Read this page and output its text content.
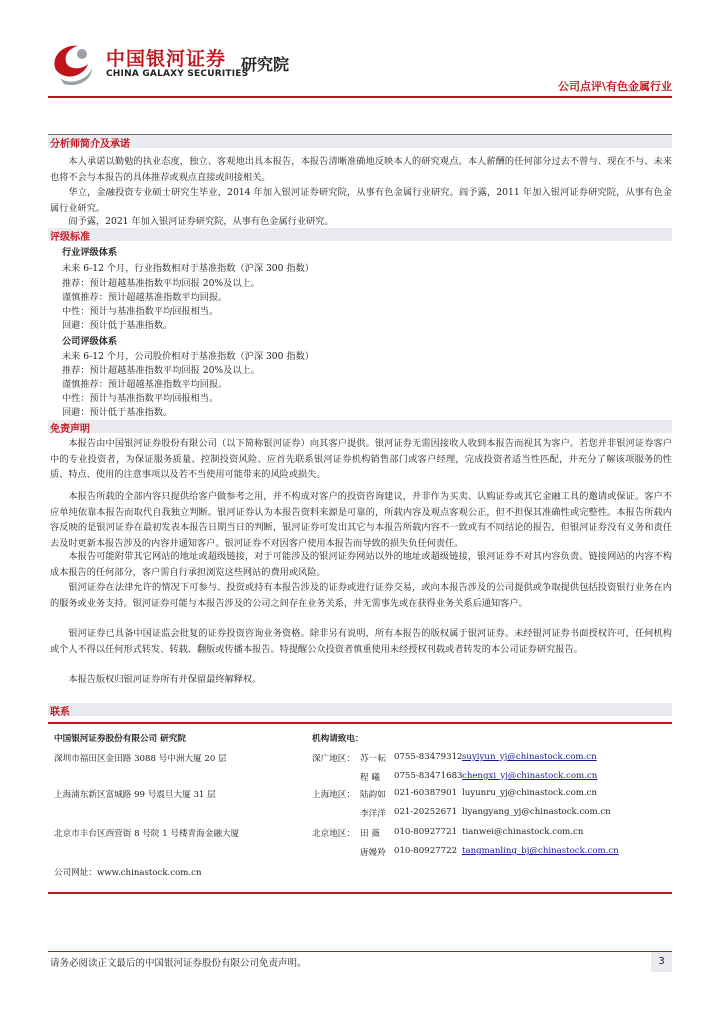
中国银河证券
CHINA GALAXY SECURITIES
研究院
公司点评\有色金属行业
分析师简介及承诺
本人承诺以勤勉的执业态度，独立、客观地出具本报告，本报告清晰准确地反映本人的研究观点。本人薪酬的任何部分过去不曾与、现在不与、未来也将不会与本报告的具体推荐或观点直接或间接相关。
华立，金融投资专业硕士研究生毕业，2014 年加入银河证券研究院，从事有色金属行业研究。阎予露，2011 年加入银河证券研究院，从事有色金属行业研究。
阎予露，2021 年加入银河证券研究院，从事有色金属行业研究。
评级标准
行业评级体系
未来 6-12 个月，行业指数相对于基准指数（沪深 300 指数）
推荐：预计超越基准指数平均回报 20%及以上。
谨慎推荐：预计超越基准指数平均回报。
中性：预计与基准指数平均回报相当。
回避：预计低于基准指数。
公司评级体系
未来 6-12 个月，公司股价相对于基准指数（沪深 300 指数）
推荐：预计超越基准指数平均回报 20%及以上。
谨慎推荐：预计超越基准指数平均回报。
中性：预计与基准指数平均回报相当。
回避：预计低于基准指数。
免责声明
本报告由中国银河证券股份有限公司（以下简称银河证券）向其客户提供。银河证券无需因接收人收到本报告而视其为客户。若您并非银河证券客户中的专业投资者，为保证服务质量、控制投资风险、应首先联系银河证券机构销售部门或客户经理，完成投资者适当性匹配，并充分了解该项服务的性质、特点、使用的注意事项以及若不当使用可能带来的风险或损失。
本报告所载的全部内容只提供给客户做参考之用，并不构成对客户的投资咨询建议，并非作为买卖、认购证券或其它金融工具的邀请或保证。客户不应单纯依靠本报告而取代自我独立判断。银河证券认为本报告资料来源是可靠的，所载内容及观点客观公正，但不担保其准确性或完整性。本报告所载内容反映的是银河证券在最初发表本报告日期当日的判断，银河证券可发出其它与本报告所载内容不一致或有不同结论的报告，但银河证券没有义务和责任去及时更新本报告涉及的内容并通知客户。银河证券不对因客户使用本报告而导致的损失负任何责任。
本报告可能附带其它网站的地址或超级链接，对于可能涉及的银河证券网站以外的地址或超级链接，银河证券不对其内容负责。链接网站的内容不构成本报告的任何部分，客户需自行承担浏览这些网站的费用或风险。
银河证券在法律允许的情况下可参与、投资或持有本报告涉及的证券或进行证券交易，或向本报告涉及的公司提供或争取提供包括投资银行业务在内的服务或业务支持。银河证券可能与本报告涉及的公司之间存在业务关系，并无需事先或在获得业务关系后通知客户。
银河证券已具备中国证监会批复的证券投资咨询业务资格。除非另有说明，所有本报告的版权属于银河证券。未经银河证券书面授权许可，任何机构或个人不得以任何形式转发、转载、翻版或传播本报告。特提醒公众投资者慎重使用未经授权刊载或者转发的本公司证券研究报告。
本报告版权归银河证券所有并保留最终解释权。
联系
中国银河证券股份有限公司 研究院
深圳市福田区金田路 3088 号中洲大厦 20 层
上海浦东新区富城路 99 号震旦大厦 31 层
北京市丰台区西营街 8 号院 1 号楼青海金融大厦
公司网址：www.chinastock.com.cn
机构请致电：
深广地区： 苏一耘 0755-83479312 suyiyun_yj@chinastock.com.cn
程 曦 0755-83471683 chengxi_yj@chinastock.com.cn
上海地区： 陆韵如 021-60387901 luyunru_yj@chinastock.com.cn
李洋洋 021-20252671 liyangyang_yj@chinastock.com.cn
北京地区： 田 薇 010-80927721 tianwei@chinastock.com.cn
唐嫚羚 010-80927722 tangmanling_bj@chinastock.com.cn
请务必阅读正文最后的中国银河证券股份有限公司免责声明。	3
